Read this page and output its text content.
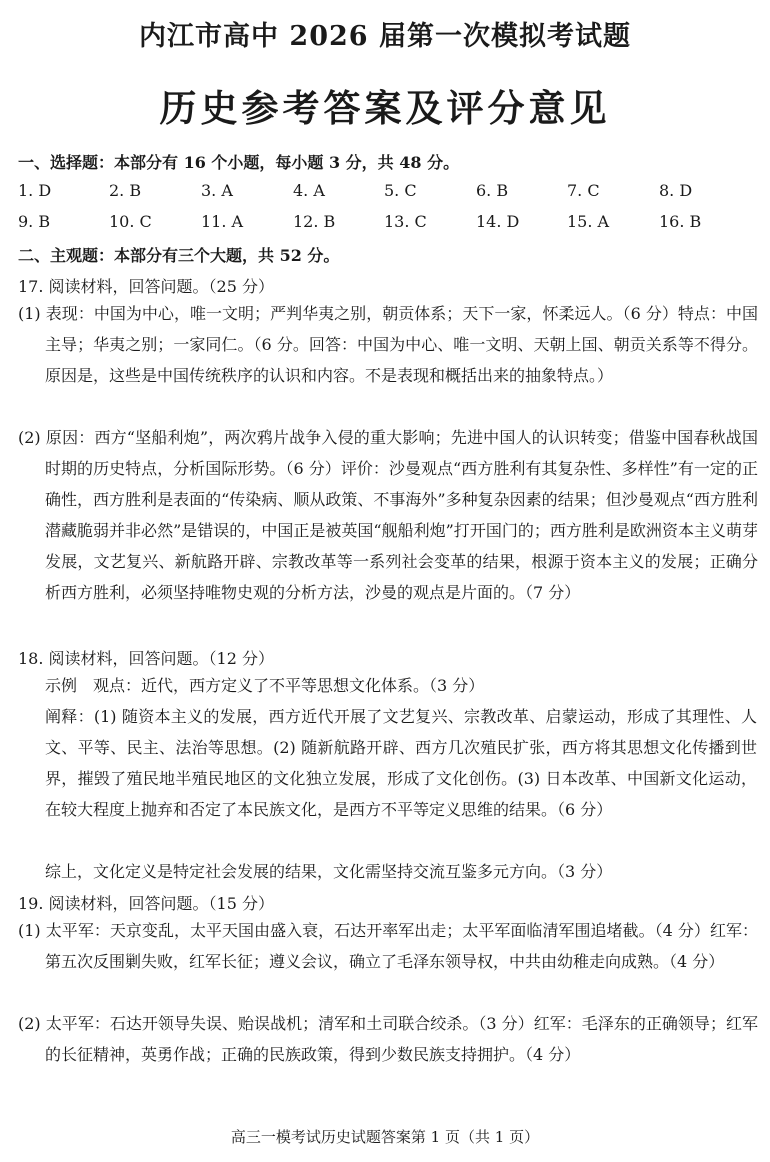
内江市高中 2026 届第一次模拟考试题
历史参考答案及评分意见
一、选择题：本部分有 16 个小题，每小题 3 分，共 48 分。
1. D	2. B	3. A	4. A	5. C	6. B	7. C	8. D
9. B	10. C	11. A	12. B	13. C	14. D	15. A	16. B
二、主观题：本部分有三个大题，共 52 分。
17. 阅读材料，回答问题。（25 分）
(1) 表现：中国为中心，唯一文明；严判华夷之别，朝贡体系；天下一家，怀柔远人。（6 分）特点：中国主导；华夷之别；一家同仁。（6 分。回答：中国为中心、唯一文明、天朝上国、朝贡关系等不得分。原因是，这些是中国传统秩序的认识和内容。不是表现和概括出来的抽象特点。）
(2) 原因：西方“坚船利炮”，两次鸦片战争入侵的重大影响；先进中国人的认识转变；借鉴中国春秋战国时期的历史特点，分析国际形势。（6 分）评价：沙曼观点“西方胜利有其复杂性、多样性”有一定的正确性，西方胜利是表面的“传染病、顺从政策、不事海外”多种复杂因素的结果；但沙曼观点“西方胜利潜藏脆弱并非必然”是错误的，中国正是被英国“舰船利炮”打开国门的；西方胜利是欧洲资本主义萌芽发展，文艺复兴、新航路开辟、宗教改革等一系列社会变革的结果，根源于资本主义的发展；正确分析西方胜利，必须坚持唯物史观的分析方法，沙曼的观点是片面的。（7 分）
18. 阅读材料，回答问题。（12 分）
示例　观点：近代，西方定义了不平等思想文化体系。（3 分）
阐释：(1) 随资本主义的发展，西方近代开展了文艺复兴、宗教改革、启蒙运动，形成了其理性、人文、平等、民主、法治等思想。(2) 随新航路开辟、西方几次殖民扩张，西方将其思想文化传播到世界，摧毁了殖民地半殖民地区的文化独立发展，形成了文化创伤。(3) 日本改革、中国新文化运动，在较大程度上抛弃和否定了本民族文化，是西方不平等定义思维的结果。（6 分）
综上，文化定义是特定社会发展的结果，文化需坚持交流互鉴多元方向。（3 分）
19. 阅读材料，回答问题。（15 分）
(1) 太平军：天京变乱，太平天国由盛入衰，石达开率军出走；太平军面临清军围追堵截。（4 分）红军：第五次反围剿失败，红军长征；遵义会议，确立了毛泽东领导权，中共由幼稚走向成熟。（4 分）
(2) 太平军：石达开领导失误、贻误战机；清军和土司联合绞杀。（3 分）红军：毛泽东的正确领导；红军的长征精神，英勇作战；正确的民族政策，得到少数民族支持拥护。（4 分）
高三一模考试历史试题答案第 1 页（共 1 页）
